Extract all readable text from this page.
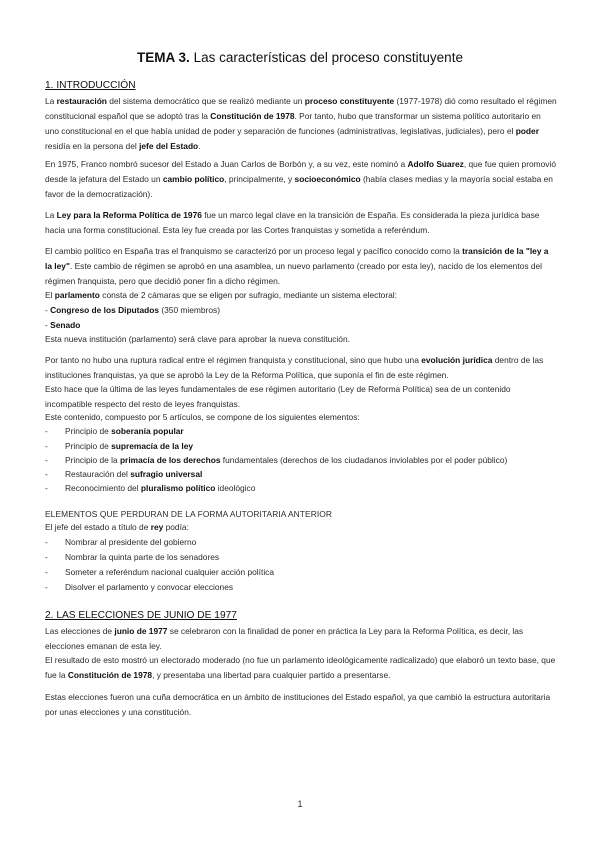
TEMA 3. Las características del proceso constituyente
1. INTRODUCCIÓN
La restauración del sistema democrático que se realizó mediante un proceso constituyente (1977-1978) dió como resultado el régimen constitucional español que se adoptó tras la Constitución de 1978. Por tanto, hubo que transformar un sistema político autoritario en uno constitucional en el que había unidad de poder y separación de funciones (administrativas, legislativas, judiciales), pero el poder residía en la persona del jefe del Estado.
En 1975, Franco nombró sucesor del Estado a Juan Carlos de Borbón y, a su vez, este nominó a Adolfo Suarez, que fue quien promovió desde la jefatura del Estado un cambio político, principalmente, y socioeconómico (había clases medias y la mayoría social estaba en favor de la democratización).
La Ley para la Reforma Política de 1976 fue un marco legal clave en la transición de España. Es considerada la pieza jurídica base hacia una forma constitucional. Esta ley fue creada por las Cortes franquistas y sometida a referéndum.
El cambio político en España tras el franquismo se caracterizó por un proceso legal y pacífico conocido como la transición de la "ley a la ley". Este cambio de régimen se aprobó en una asamblea, un nuevo parlamento (creado por esta ley), nacido de los elementos del régimen franquista, pero que decidió poner fin a dicho régimen.
El parlamento consta de 2 cámaras que se eligen por sufragio, mediante un sistema electoral:
- Congreso de los Diputados (350 miembros)
- Senado
Esta nueva institución (parlamento) será clave para aprobar la nueva constitución.
Por tanto no hubo una ruptura radical entre el régimen franquista y constitucional, sino que hubo una evolución jurídica dentro de las instituciones franquistas, ya que se aprobó la Ley de la Reforma Política, que suponía el fin de este régimen.
Esto hace que la última de las leyes fundamentales de ese régimen autoritario (Ley de Reforma Política) sea de un contenido incompatible respecto del resto de leyes franquistas.
Este contenido, compuesto por 5 artículos, se compone de los siguientes elementos:
- Principio de soberanía popular
- Principio de supremacía de la ley
- Principio de la primacía de los derechos fundamentales (derechos de los ciudadanos inviolables por el poder público)
- Restauración del sufragio universal
- Reconocimiento del pluralismo político ideológico
ELEMENTOS QUE PERDURAN DE LA FORMA AUTORITARIA ANTERIOR
El jefe del estado a título de rey podía:
- Nombrar al presidente del gobierno
- Nombrar la quinta parte de los senadores
- Someter a referéndum nacional cualquier acción política
- Disolver el parlamento y convocar elecciones
2. LAS ELECCIONES DE JUNIO DE 1977
Las elecciones de junio de 1977 se celebraron con la finalidad de poner en práctica la Ley para la Reforma Política, es decir, las elecciones emanan de esta ley.
El resultado de esto mostró un electorado moderado (no fue un parlamento ideológicamente radicalizado) que elaboró un texto base, que fue la Constitución de 1978, y presentaba una libertad para cualquier partido a presentarse.
Estas elecciones fueron una cuña democrática en un ámbito de instituciones del Estado español, ya que cambió la estructura autoritaria por unas elecciones y una constitución.
1
